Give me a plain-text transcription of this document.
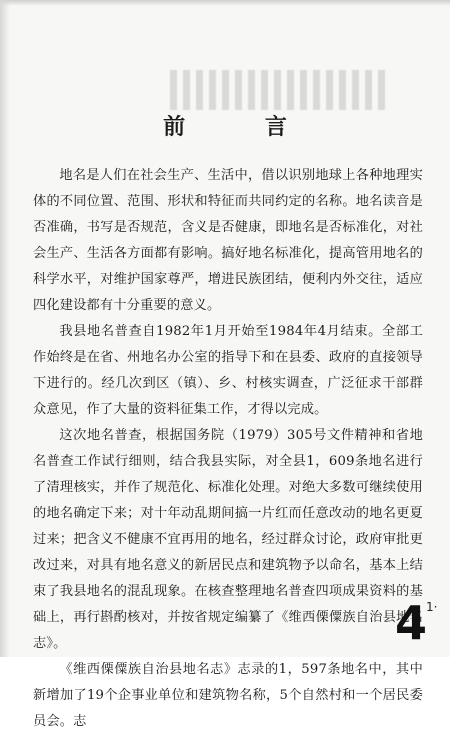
前 言

地名是人们在社会生产、生活中，借以识别地球上各种地理实体的不同位置、范围、形状和特征而共同约定的名称。地名读音是否准确，书写是否规范，含义是否健康，即地名是否标准化，对社会生产、生活各方面都有影响。搞好地名标准化，提高管用地名的科学水平，对维护国家尊严，增进民族团结，便利内外交往，适应四化建设都有十分重要的意义。

我县地名普查自1982年1月开始至1984年4月结束。全部工作始终是在省、州地名办公室的指导下和在县委、政府的直接领导下进行的。经几次到区（镇）、乡、村核实调查，广泛征求干部群众意见，作了大量的资料征集工作，才得以完成。

这次地名普查，根据国务院（1979）305号文件精神和省地名普查工作试行细则，结合我县实际，对全县1，609条地名进行了清理核实，并作了规范化、标准化处理。对绝大多数可继续使用的地名确定下来；对十年动乱期间搞一片红而任意改动的地名更夏过来；把含义不健康不宜再用的地名，经过群众讨论，政府审批更改过来，对具有地名意义的新居民点和建筑物予以命名，基本上结束了我县地名的混乱现象。在核查整理地名普查四项成果资料的基础上，再行斟酌核对，并按省规定编纂了《维西傈僳族自治县地名志》。

《维西傈僳族自治县地名志》志录的1，597条地名中，其中新增加了19个企事业单位和建筑物名称，5个自然村和一个居民委员会。志

4
1·
